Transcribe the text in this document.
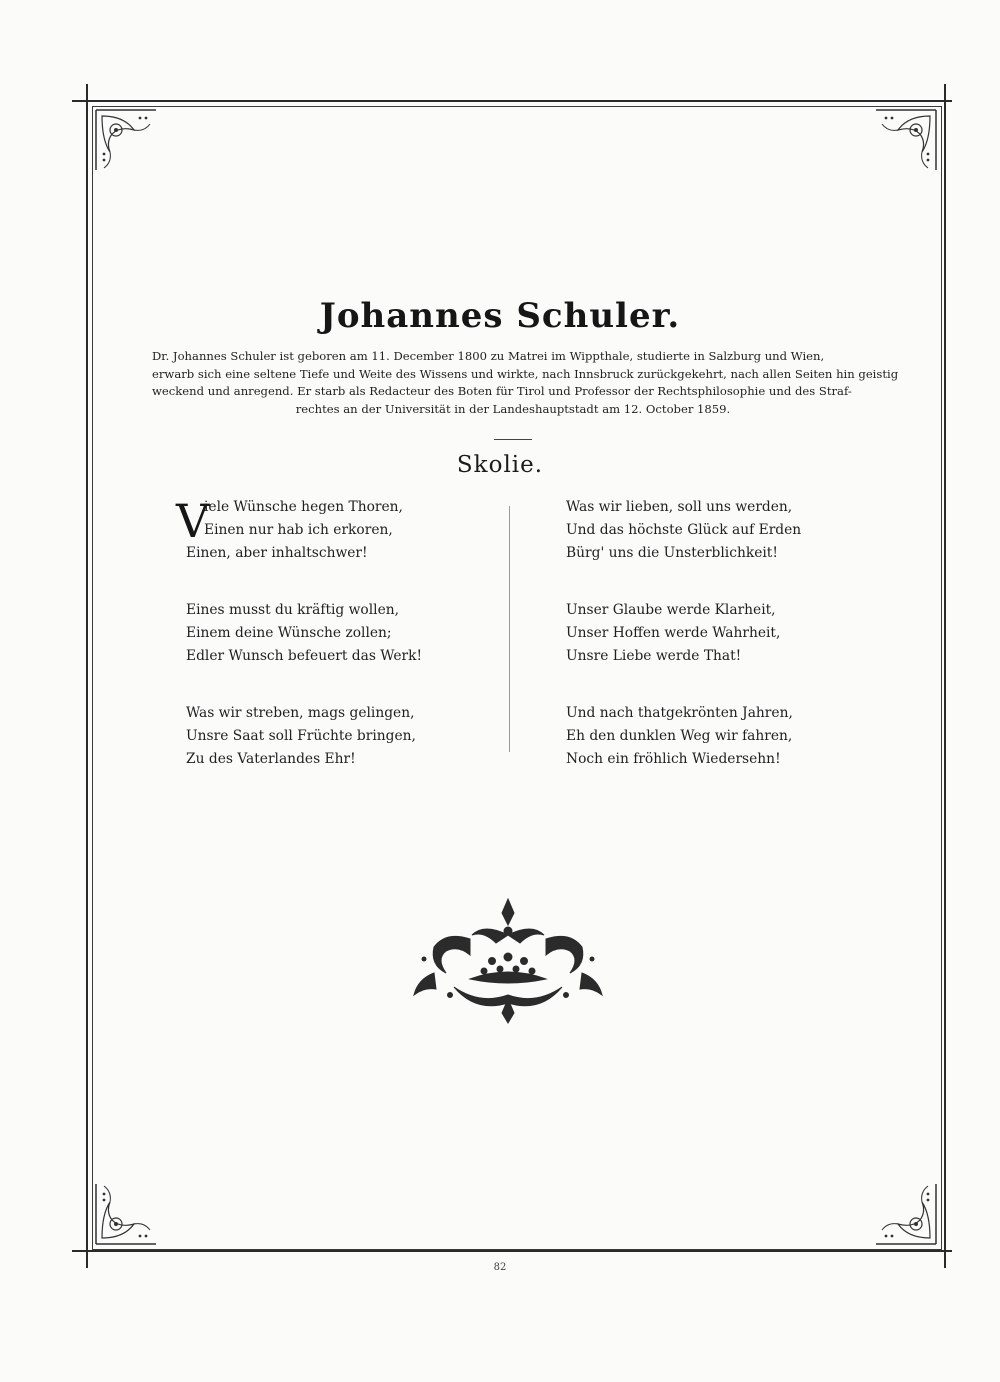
Johannes Schuler.
Dr. Johannes Schuler ist geboren am 11. December 1800 zu Matrei im Wippthale, studierte in Salzburg und Wien,
erwarb sich eine seltene Tiefe und Weite des Wissens und wirkte, nach Innsbruck zurückgekehrt, nach allen Seiten hin geistig
weckend und anregend. Er starb als Redacteur des Boten für Tirol und Professor der Rechtsphilosophie und des Straf-
rechtes an der Universität in der Landeshauptstadt am 12. October 1859.
Skolie.
V
iele Wünsche hegen Thoren,
Einen nur hab ich erkoren,
Einen, aber inhaltschwer!
Eines musst du kräftig wollen,
Einem deine Wünsche zollen;
Edler Wunsch befeuert das Werk!
Was wir streben, mags gelingen,
Unsre Saat soll Früchte bringen,
Zu des Vaterlandes Ehr!
Was wir lieben, soll uns werden,
Und das höchste Glück auf Erden
Bürg' uns die Unsterblichkeit!
Unser Glaube werde Klarheit,
Unser Hoffen werde Wahrheit,
Unsre Liebe werde That!
Und nach thatgekrönten Jahren,
Eh den dunklen Weg wir fahren,
Noch ein fröhlich Wiedersehn!
82
